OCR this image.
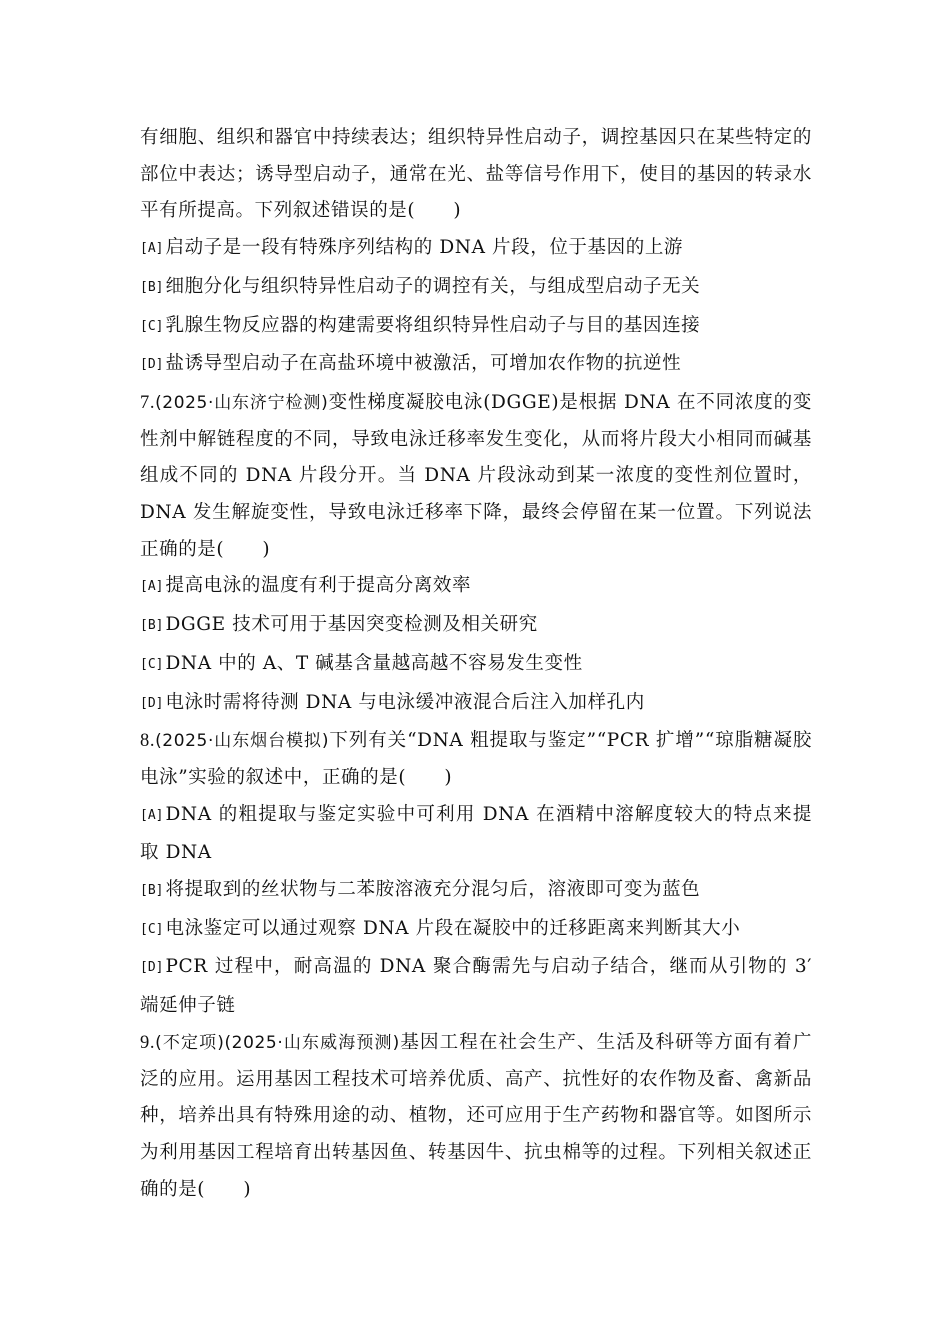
有细胞、组织和器官中持续表达；组织特异性启动子，调控基因只在某些特定的部位中表达；诱导型启动子，通常在光、盐等信号作用下，使目的基因的转录水平有所提高。下列叙述错误的是(　　)

[A] 启动子是一段有特殊序列结构的 DNA 片段，位于基因的上游

[B] 细胞分化与组织特异性启动子的调控有关，与组成型启动子无关

[C] 乳腺生物反应器的构建需要将组织特异性启动子与目的基因连接

[D] 盐诱导型启动子在高盐环境中被激活，可增加农作物的抗逆性

7.(2025·山东济宁检测)变性梯度凝胶电泳(DGGE)是根据 DNA 在不同浓度的变性剂中解链程度的不同，导致电泳迁移率发生变化，从而将片段大小相同而碱基组成不同的 DNA 片段分开。当 DNA 片段泳动到某一浓度的变性剂位置时，DNA 发生解旋变性，导致电泳迁移率下降，最终会停留在某一位置。下列说法正确的是(　　)

[A] 提高电泳的温度有利于提高分离效率

[B] DGGE 技术可用于基因突变检测及相关研究

[C] DNA 中的 A、T 碱基含量越高越不容易发生变性

[D] 电泳时需将待测 DNA 与电泳缓冲液混合后注入加样孔内

8.(2025·山东烟台模拟)下列有关“DNA 粗提取与鉴定”“PCR 扩增”“琼脂糖凝胶电泳”实验的叙述中，正确的是(　　)

[A] DNA 的粗提取与鉴定实验中可利用 DNA 在酒精中溶解度较大的特点来提取 DNA

[B] 将提取到的丝状物与二苯胺溶液充分混匀后，溶液即可变为蓝色

[C] 电泳鉴定可以通过观察 DNA 片段在凝胶中的迁移距离来判断其大小

[D] PCR 过程中，耐高温的 DNA 聚合酶需先与启动子结合，继而从引物的 3′端延伸子链

9.(不定项)(2025·山东威海预测)基因工程在社会生产、生活及科研等方面有着广泛的应用。运用基因工程技术可培养优质、高产、抗性好的农作物及畜、禽新品种，培养出具有特殊用途的动、植物，还可应用于生产药物和器官等。如图所示为利用基因工程培育出转基因鱼、转基因牛、抗虫棉等的过程。下列相关叙述正确的是(　　)
